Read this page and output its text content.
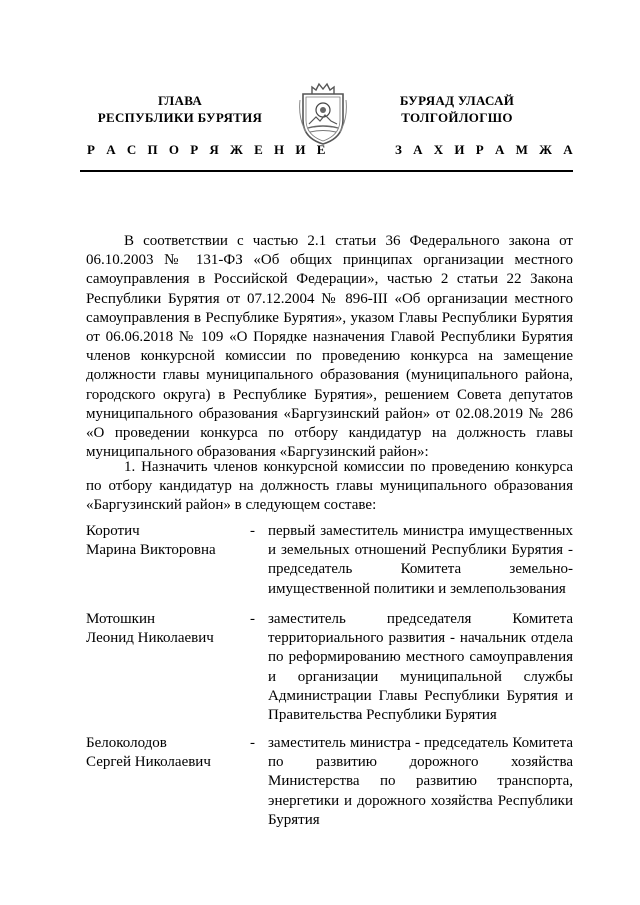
ГЛАВА
РЕСПУБЛИКИ БУРЯТИЯ
БУРЯАД УЛАСАЙ
ТОЛГОЙЛОГШО
Р А С П О Р Я Ж Е Н И Е	З А Х И Р А М Ж А
В соответствии с частью 2.1 статьи 36 Федерального закона от 06.10.2003 № 131-ФЗ «Об общих принципах организации местного самоуправления в Российской Федерации», частью 2 статьи 22 Закона Республики Бурятия от 07.12.2004 № 896-III «Об организации местного самоуправления в Республике Бурятия», указом Главы Республики Бурятия от 06.06.2018 № 109 «О Порядке назначения Главой Республики Бурятия членов конкурсной комиссии по проведению конкурса на замещение должности главы муниципального образования (муниципального района, городского округа) в Республике Бурятия», решением Совета депутатов муниципального образования «Баргузинский район» от 02.08.2019 № 286 «О проведении конкурса по отбору кандидатур на должность главы муниципального образования «Баргузинский район»:
1. Назначить членов конкурсной комиссии по проведению конкурса по отбору кандидатур на должность главы муниципального образования «Баргузинский район» в следующем составе:
Коротич
Марина Викторовна
- первый заместитель министра имущественных и земельных отношений Республики Бурятия - председатель Комитета земельно-имущественной политики и землепользования
Мотошкин
Леонид Николаевич
- заместитель председателя Комитета территориального развития - начальник отдела по реформированию местного самоуправления и организации муниципальной службы Администрации Главы Республики Бурятия и Правительства Республики Бурятия
Белоколодов
Сергей Николаевич
- заместитель министра - председатель Комитета по развитию дорожного хозяйства Министерства по развитию транспорта, энергетики и дорожного хозяйства Республики Бурятия
